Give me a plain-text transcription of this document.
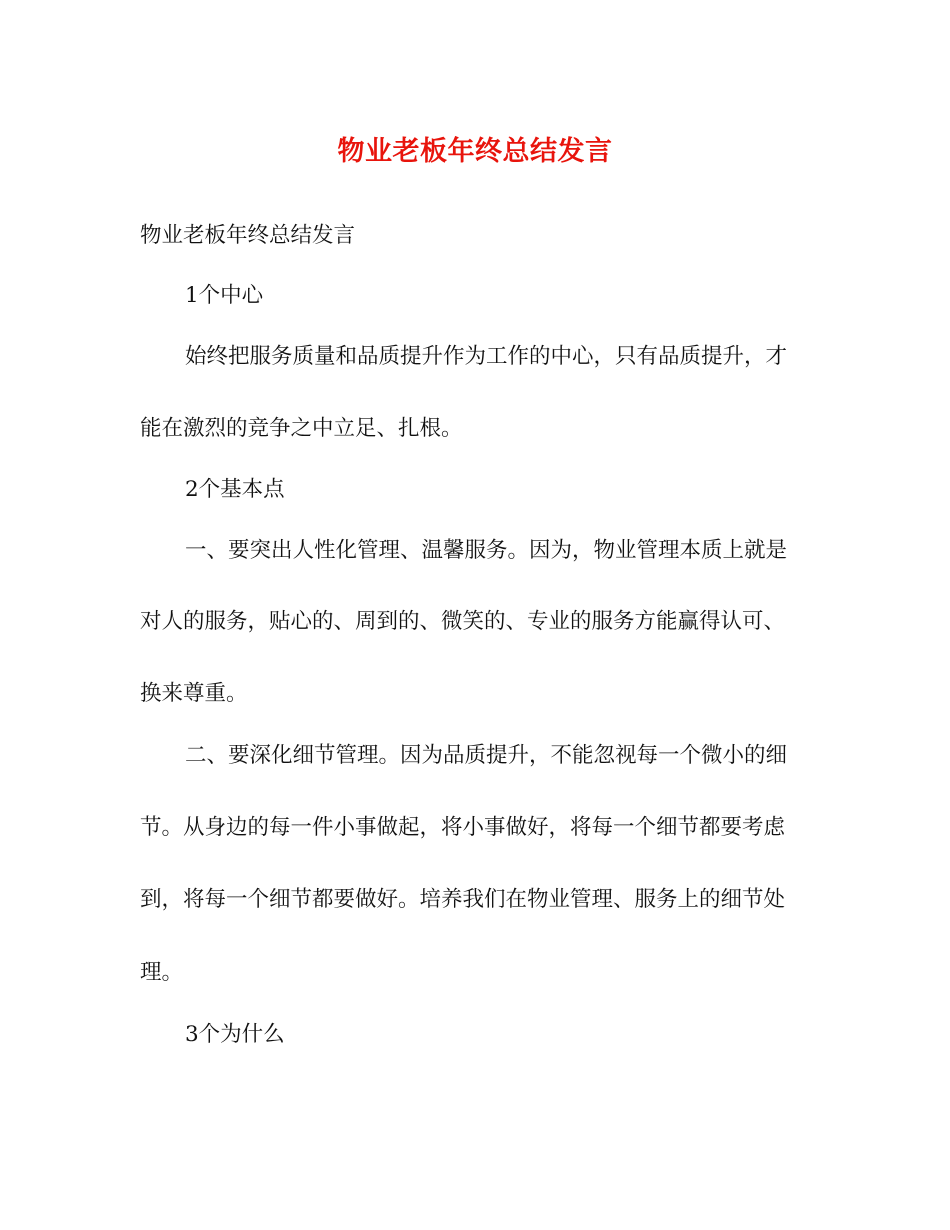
物业老板年终总结发言

物业老板年终总结发言

1个中心

始终把服务质量和品质提升作为工作的中心，只有品质提升，才

能在激烈的竞争之中立足、扎根。

2个基本点

一、要突出人性化管理、温馨服务。因为，物业管理本质上就是

对人的服务，贴心的、周到的、微笑的、专业的服务方能赢得认可、

换来尊重。

二、要深化细节管理。因为品质提升，不能忽视每一个微小的细

节。从身边的每一件小事做起，将小事做好，将每一个细节都要考虑

到，将每一个细节都要做好。培养我们在物业管理、服务上的细节处

理。

3个为什么
